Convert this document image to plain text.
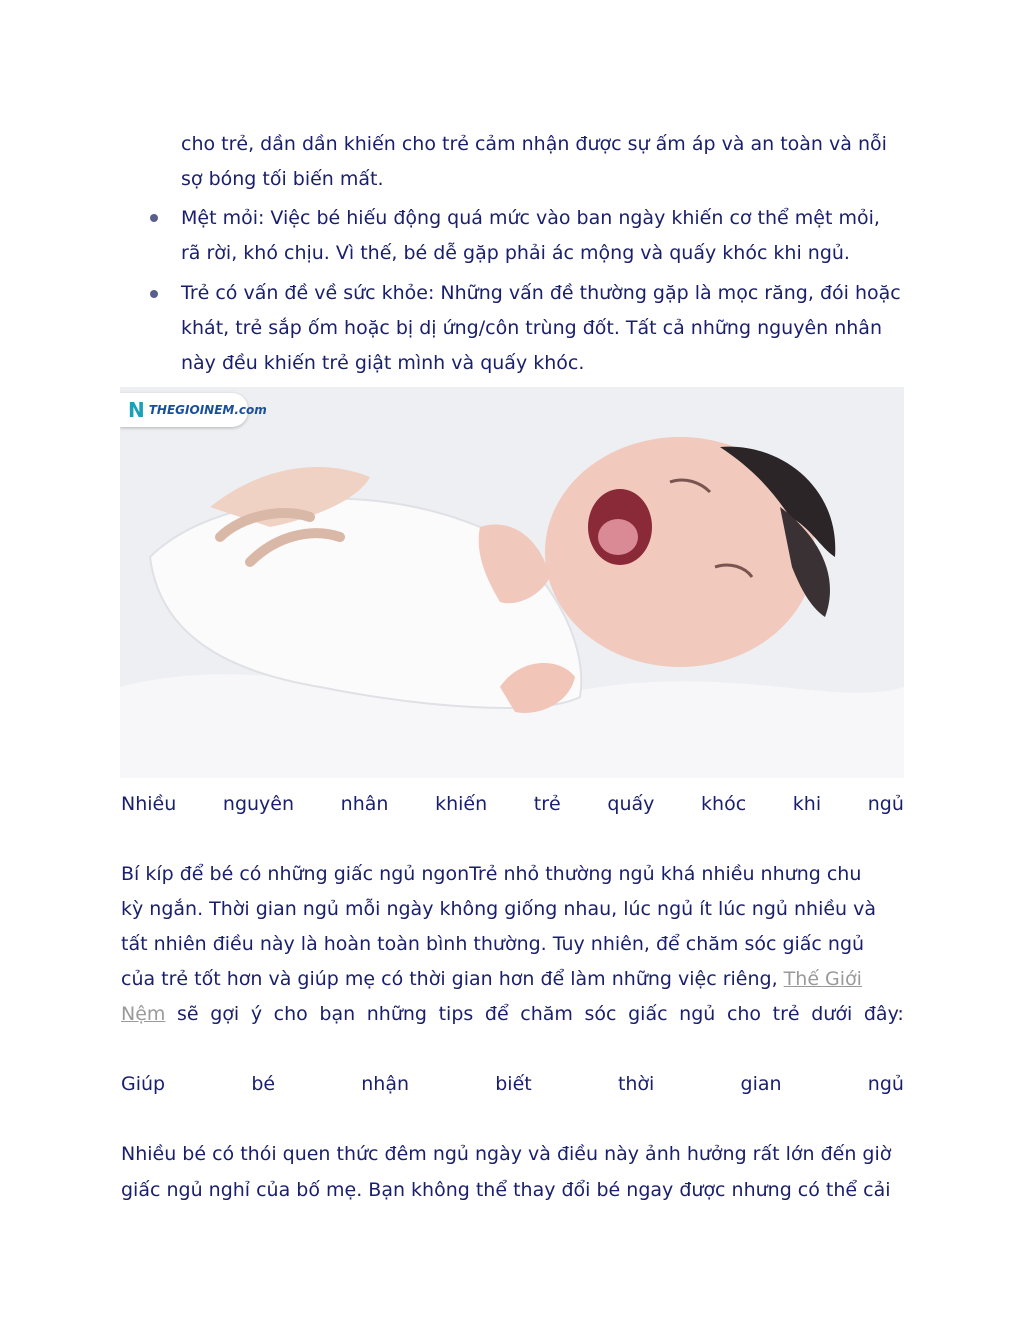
cho trẻ, dần dần khiến cho trẻ cảm nhận được sự ấm áp và an toàn và nỗi
sợ bóng tối biến mất.
Mệt mỏi: Việc bé hiếu động quá mức vào ban ngày khiến cơ thể mệt mỏi,
rã rời, khó chịu. Vì thế, bé dễ gặp phải ác mộng và quấy khóc khi ngủ.
Trẻ có vấn đề về sức khỏe: Những vấn đề thường gặp là mọc răng, đói hoặc
khát, trẻ sắp ốm hoặc bị dị ứng/côn trùng đốt. Tất cả những nguyên nhân
này đều khiến trẻ giật mình và quấy khóc.
N THEGIOINEM.com
Nhiều nguyên nhân khiến trẻ quấy khóc khi ngủ
Bí kíp để bé có những giấc ngủ ngonTrẻ nhỏ thường ngủ khá nhiều nhưng chu
kỳ ngắn. Thời gian ngủ mỗi ngày không giống nhau, lúc ngủ ít lúc ngủ nhiều và
tất nhiên điều này là hoàn toàn bình thường. Tuy nhiên, để chăm sóc giấc ngủ
của trẻ tốt hơn và giúp mẹ có thời gian hơn để làm những việc riêng, Thế Giới
Nệm sẽ gợi ý cho bạn những tips để chăm sóc giấc ngủ cho trẻ dưới đây:
Giúp	bé	nhận	biết	thời	gian	ngủ
Nhiều bé có thói quen thức đêm ngủ ngày và điều này ảnh hưởng rất lớn đến giờ
giấc ngủ nghỉ của bố mẹ. Bạn không thể thay đổi bé ngay được nhưng có thể cải
